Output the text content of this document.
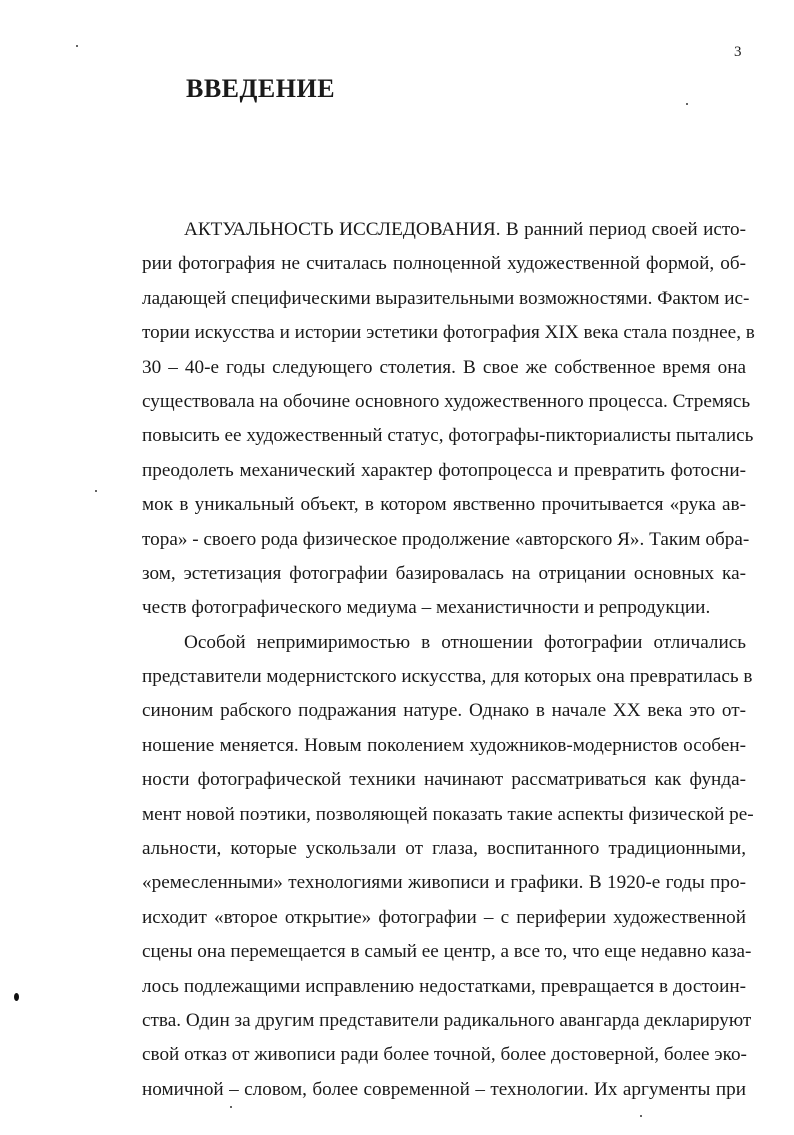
3
ВВЕДЕНИЕ
АКТУАЛЬНОСТЬ ИССЛЕДОВАНИЯ. В ранний период своей исто-
рии фотография не считалась полноценной художественной формой, об-
ладающей специфическими выразительными возможностями. Фактом ис-
тории искусства и истории эстетики фотография XIX века стала позднее, в
30 – 40-е годы следующего столетия. В свое же собственное время она
существовала на обочине основного художественного процесса. Стремясь
повысить ее художественный статус, фотографы-пикториалисты пытались
преодолеть механический характер фотопроцесса и превратить фотосни-
мок в уникальный объект, в котором явственно прочитывается «рука ав-
тора» - своего рода физическое продолжение «авторского Я». Таким обра-
зом, эстетизация фотографии базировалась на отрицании основных ка-
честв фотографического медиума – механистичности и репродукции.
Особой непримиримостью в отношении фотографии отличались
представители модернистского искусства, для которых она превратилась в
синоним рабского подражания натуре. Однако в начале XX века это от-
ношение меняется. Новым поколением художников-модернистов особен-
ности фотографической техники начинают рассматриваться как фунда-
мент новой поэтики, позволяющей показать такие аспекты физической ре-
альности, которые ускользали от глаза, воспитанного традиционными,
«ремесленными» технологиями живописи и графики. В 1920-е годы про-
исходит «второе открытие» фотографии – с периферии художественной
сцены она перемещается в самый ее центр, а все то, что еще недавно каза-
лось подлежащими исправлению недостатками, превращается в достоин-
ства. Один за другим представители радикального авангарда декларируют
свой отказ от живописи ради более точной, более достоверной, более эко-
номичной – словом, более современной – технологии. Их аргументы при
